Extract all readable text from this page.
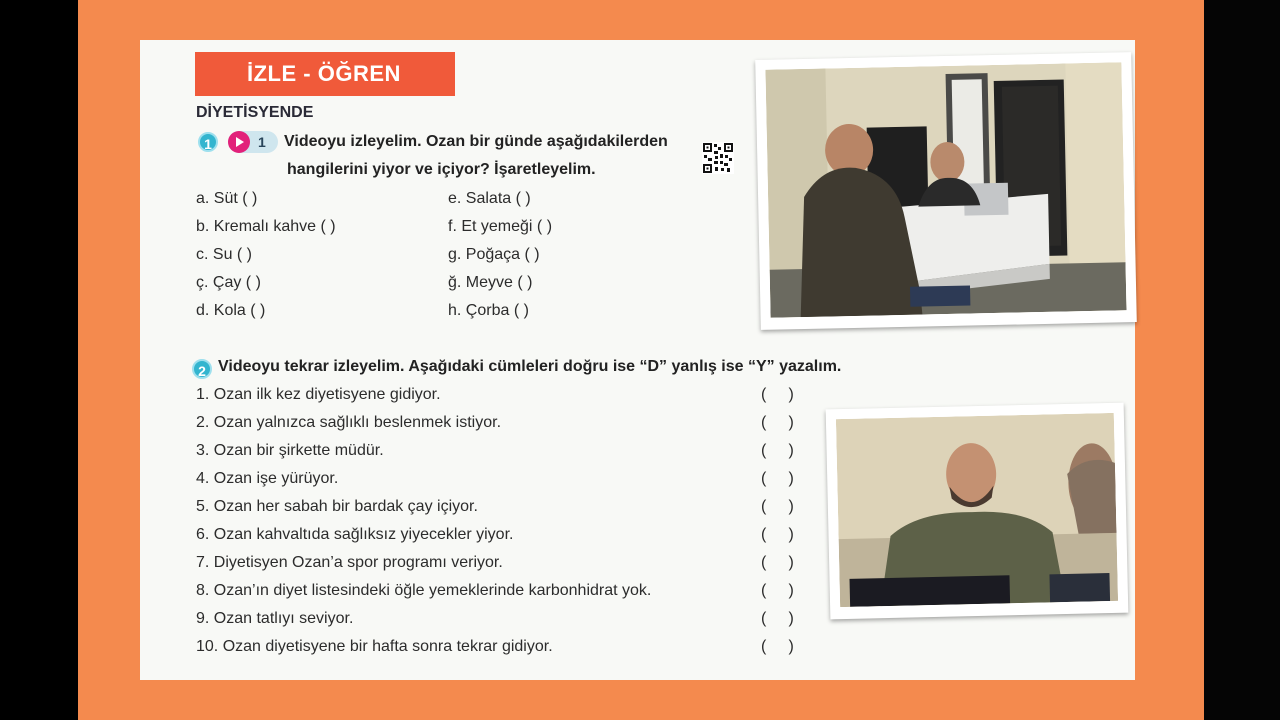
İZLE - ÖĞREN
DİYETİSYENDE
1	1 Videoyu izleyelim. Ozan bir günde aşağıdakilerden
hangilerini yiyor ve içiyor? İşaretleyelim.
a. Süt ( )
b. Kremalı kahve ( )
c. Su ( )
ç. Çay ( )
d. Kola ( )
e. Salata ( )
f. Et yemeği ( )
g. Poğaça ( )
ğ. Meyve ( )
h. Çorba ( )
2 Videoyu tekrar izleyelim. Aşağıdaki cümleleri doğru ise “D” yanlış ise “Y” yazalım.
1. Ozan ilk kez diyetisyene gidiyor.
2. Ozan yalnızca sağlıklı beslenmek istiyor.
3. Ozan bir şirkette müdür.
4. Ozan işe yürüyor.
5. Ozan her sabah bir bardak çay içiyor.
6. Ozan kahvaltıda sağlıksız yiyecekler yiyor.
7. Diyetisyen Ozan’a spor programı veriyor.
8. Ozan’ın diyet listesindeki öğle yemeklerinde karbonhidrat yok.
9. Ozan tatlıyı seviyor.
10. Ozan diyetisyene bir hafta sonra tekrar gidiyor.
(     )
(     )
(     )
(     )
(     )
(     )
(     )
(     )
(     )
(     )
